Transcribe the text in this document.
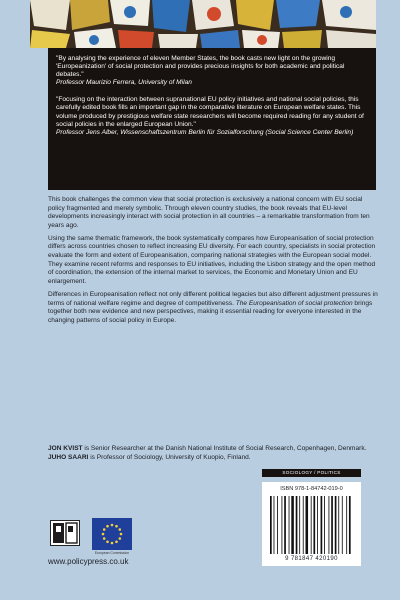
"By analysing the experience of eleven Member States, the book casts new light on the growing 'Europeanization' of social protection and provides precious insights for both academic and political debates."

Professor Maurizio Ferrera, University of Milan

"Focusing on the interaction between supranational EU policy initiatives and national social policies, this carefully edited book fills an important gap in the comparative literature on European welfare states. This volume produced by prestigious welfare state researchers will become required reading for any student of social policies in the enlarged European Union."

Professor Jens Alber, Wissenschaftszentrum Berlin für Sozialforschung (Social Science Center Berlin)

This book challenges the common view that social protection is exclusively a national concern with EU social policy fragmented and merely symbolic. Through eleven country studies, the book reveals that EU-level developments increasingly interact with social protection in all countries – a remarkable transformation from ten years ago.

Using the same thematic framework, the book systematically compares how Europeanisation of social protection differs across countries chosen to reflect increasing EU diversity. For each country, specialists in social protection evaluate the form and extent of Europeanisation, comparing national strategies with the European social model. They examine recent reforms and responses to EU initiatives, including the Lisbon strategy and the open method of coordination, the extension of the internal market to services, the Economic and Monetary Union and EU enlargement.

Differences in Europeanisation reflect not only different political legacies but also different adjustment pressures in terms of national welfare regime and degree of competitiveness. The Europeanisation of social protection brings together both new evidence and new perspectives, making it essential reading for everyone interested in the changing patterns of social policy in Europe.

JON KVIST is Senior Researcher at the Danish National Institute of Social Research, Copenhagen, Denmark.

JUHO SAARI is Professor of Sociology, University of Kuopio, Finland.

SOCIOLOGY / POLITICS
ISBN 978-1-84742-019-0
9 781847 420190
European Commission
www.policypress.co.uk
